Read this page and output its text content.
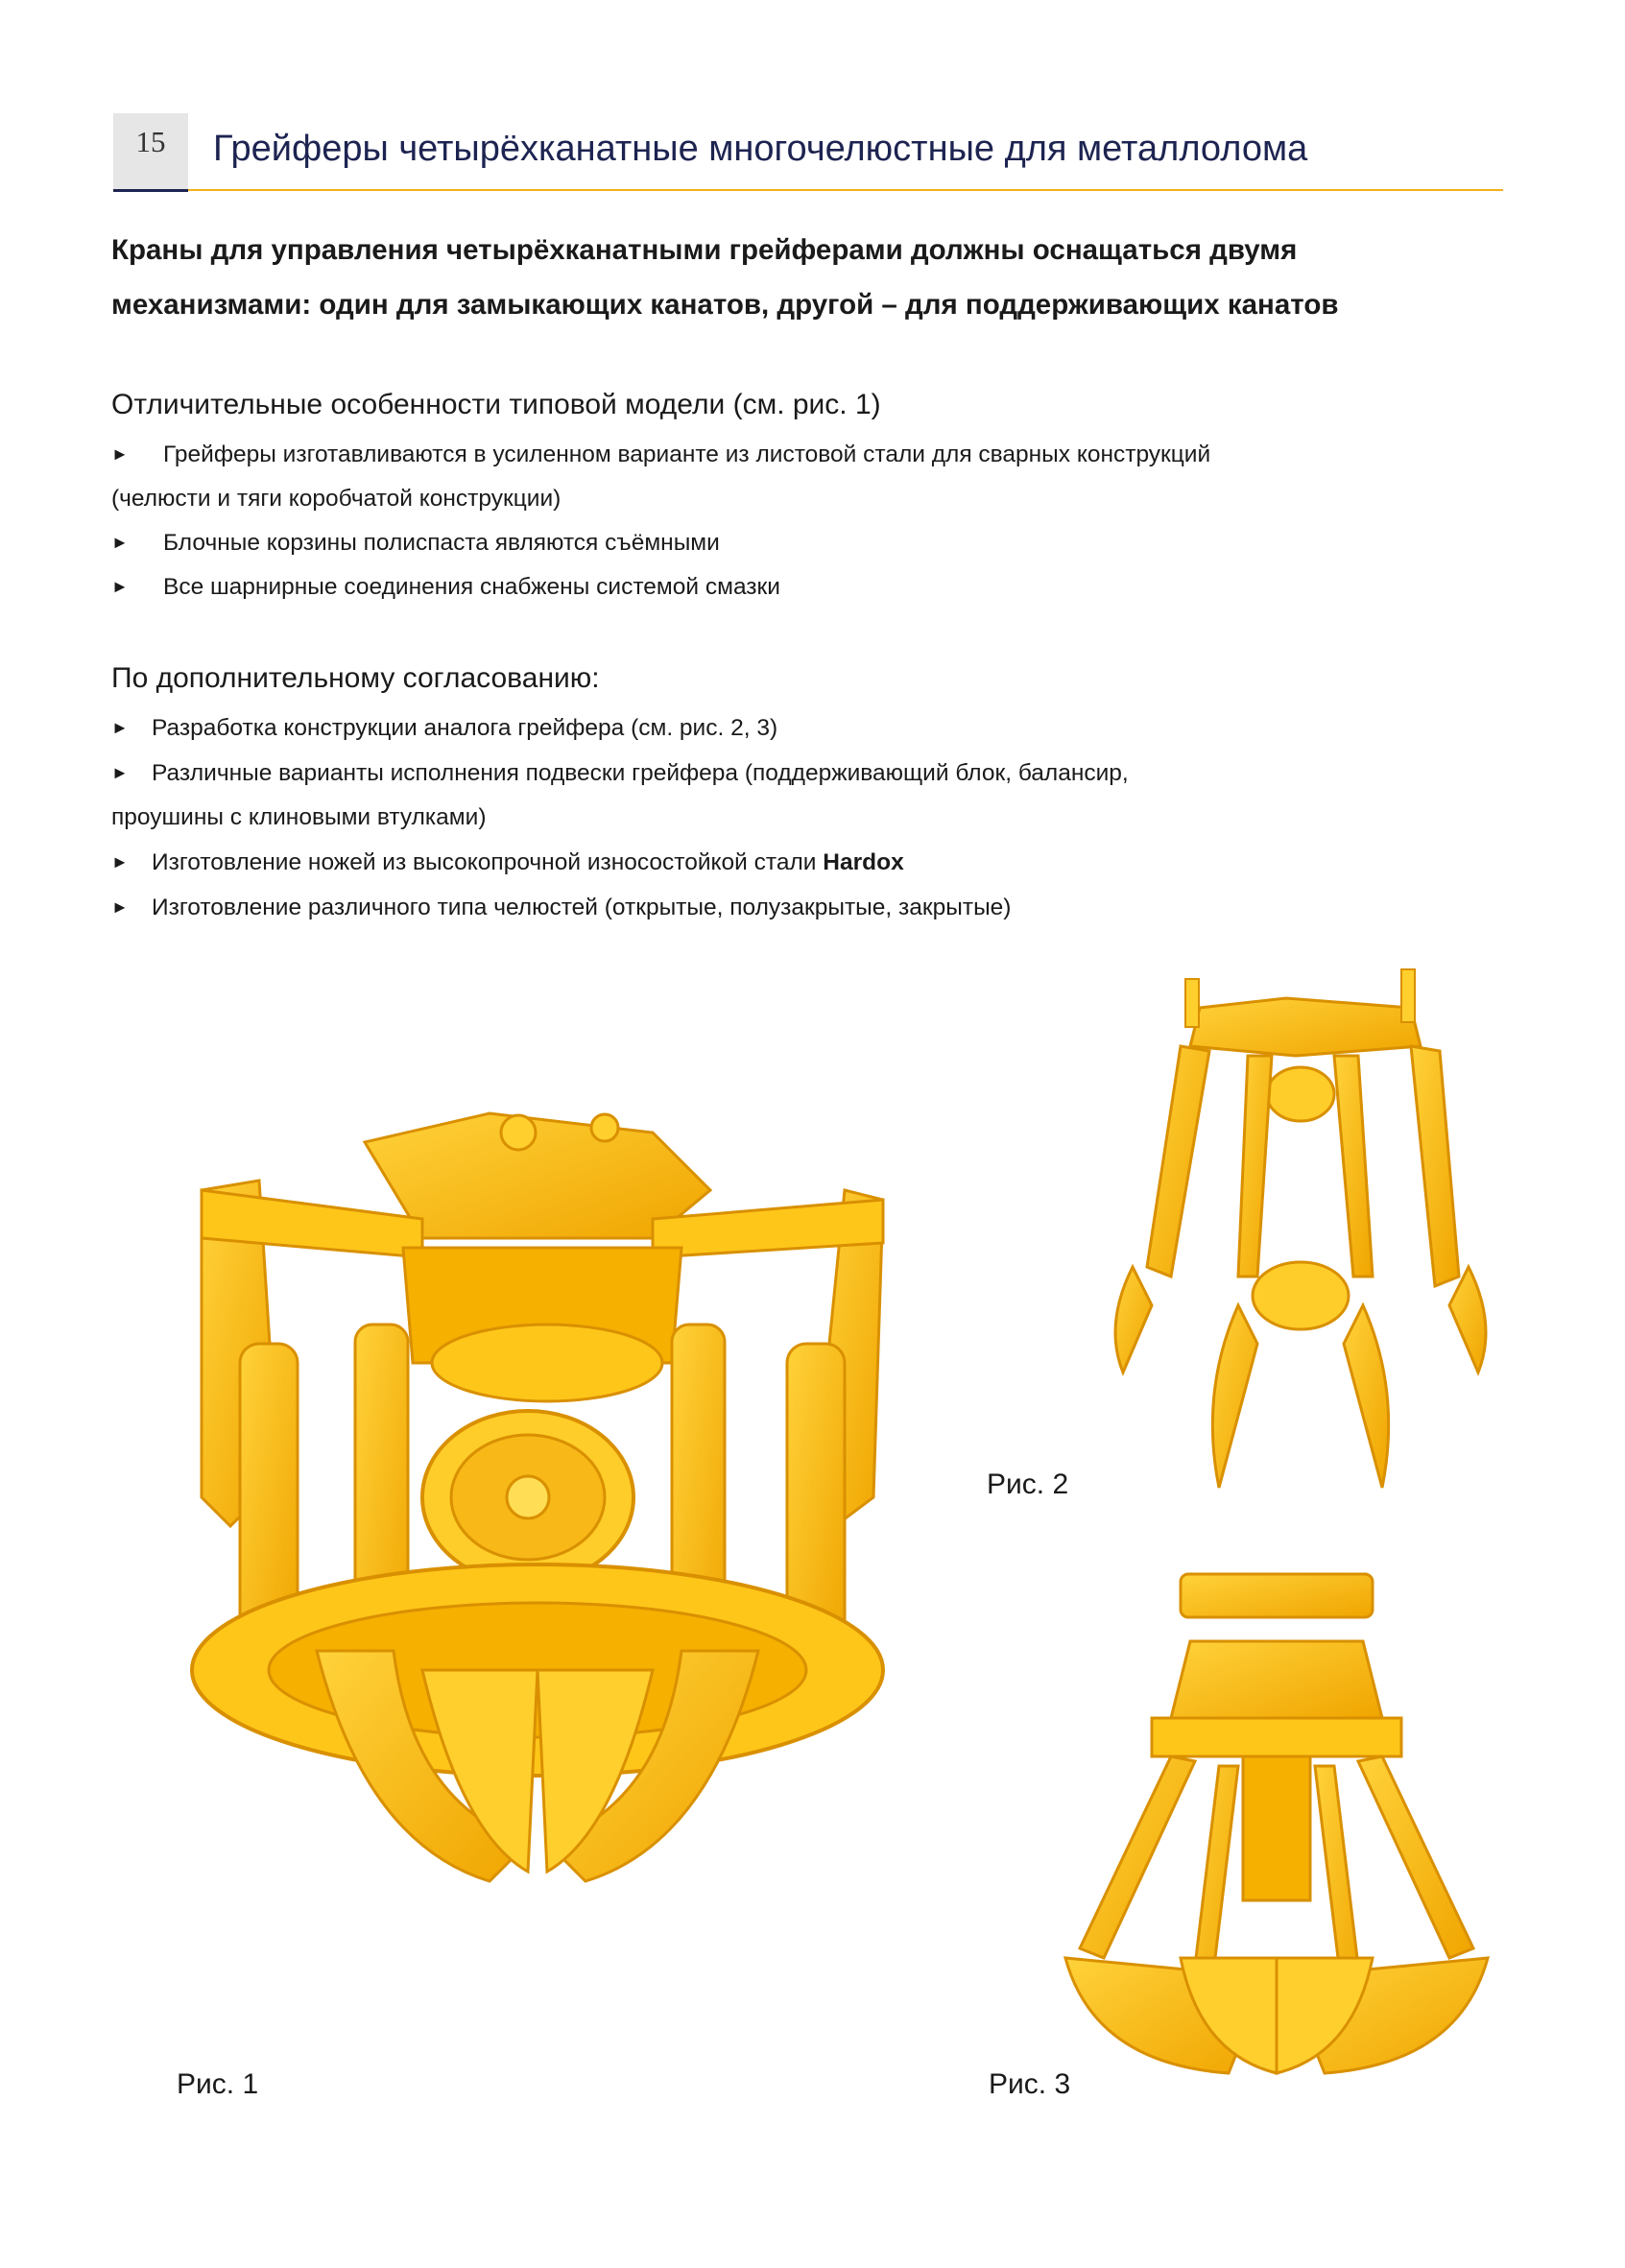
15	Грейферы четырёхканатные многочелюстные для металлолома
Краны для управления четырёхканатными грейферами должны оснащаться двумя
механизмами: один для замыкающих канатов, другой – для поддерживающих канатов
Отличительные особенности типовой модели (см. рис. 1)
► Грейферы изготавливаются в усиленном варианте из листовой стали для сварных конструкций
(челюсти и тяги коробчатой конструкции)
► Блочные корзины полиспаста являются съёмными
► Все шарнирные соединения снабжены системой смазки
По дополнительному согласованию:
► Разработка конструкции аналога грейфера (см. рис. 2, 3)
► Различные варианты исполнения подвески грейфера (поддерживающий блок, балансир,
проушины с клиновыми втулками)
► Изготовление ножей из высокопрочной износостойкой стали Hardox
► Изготовление различного типа челюстей (открытые, полузакрытые, закрытые)
Рис. 2
Рис. 1	Рис. 3
